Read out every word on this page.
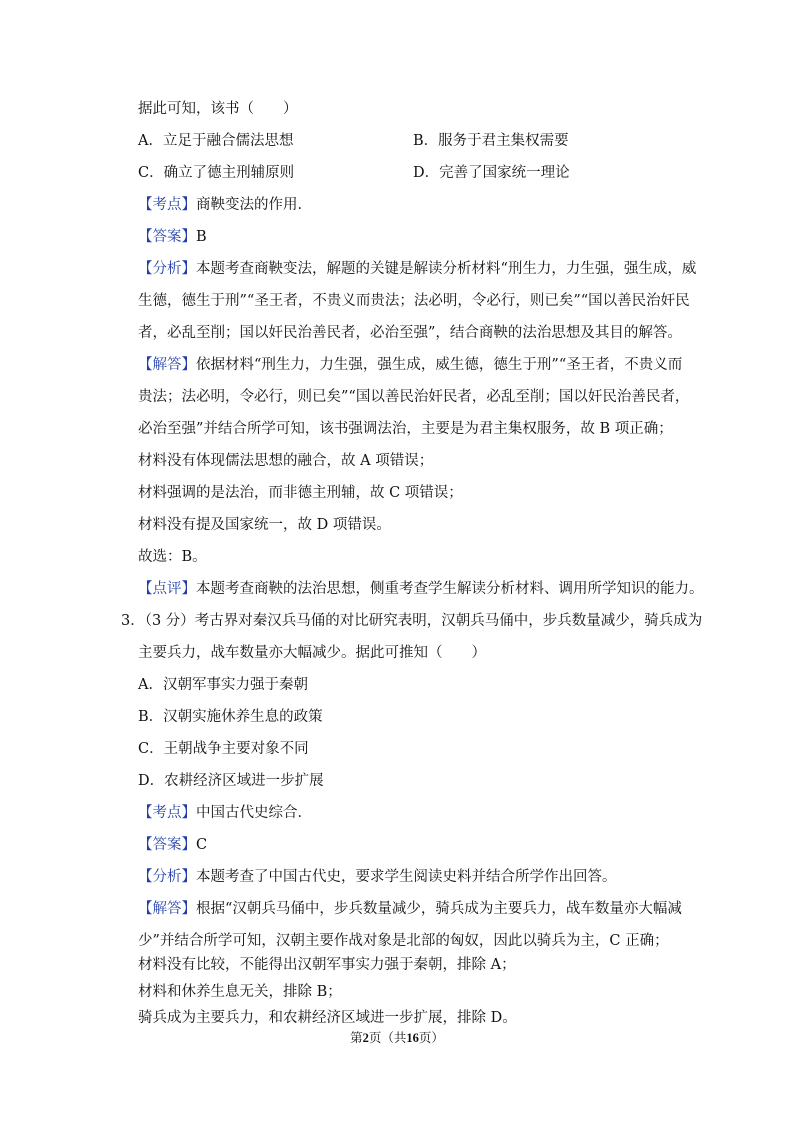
据此可知，该书（　　）
A．立足于融合儒法思想	B．服务于君主集权需要
C．确立了德主刑辅原则	D．完善了国家统一理论
【考点】商鞅变法的作用．
【答案】B
【分析】本题考查商鞅变法，解题的关键是解读分析材料“刑生力，力生强，强生成，威
生德，德生于刑”“圣王者，不贵义而贵法；法必明，令必行，则已矣”“国以善民治奸民
者，必乱至削；国以奸民治善民者，必治至强”，结合商鞅的法治思想及其目的解答。
【解答】依据材料“刑生力，力生强，强生成，威生德，德生于刑”“圣王者，不贵义而
贵法；法必明，令必行，则已矣”“国以善民治奸民者，必乱至削；国以奸民治善民者，
必治至强”并结合所学可知，该书强调法治，主要是为君主集权服务，故 B 项正确；
材料没有体现儒法思想的融合，故 A 项错误；
材料强调的是法治，而非德主刑辅，故 C 项错误；
材料没有提及国家统一，故 D 项错误。
故选：B。
【点评】本题考查商鞅的法治思想，侧重考查学生解读分析材料、调用所学知识的能力。
3．（3 分）考古界对秦汉兵马俑的对比研究表明，汉朝兵马俑中，步兵数量减少，骑兵成为
主要兵力，战车数量亦大幅减少。据此可推知（　　）
A．汉朝军事实力强于秦朝
B．汉朝实施休养生息的政策
C．王朝战争主要对象不同
D．农耕经济区域进一步扩展
【考点】中国古代史综合．
【答案】C
【分析】本题考查了中国古代史，要求学生阅读史料并结合所学作出回答。
【解答】根据“汉朝兵马俑中，步兵数量减少，骑兵成为主要兵力，战车数量亦大幅减
少”并结合所学可知，汉朝主要作战对象是北部的匈奴，因此以骑兵为主，C 正确；
材料没有比较，不能得出汉朝军事实力强于秦朝，排除 A；
第2页（共16页）
材料和休养生息无关，排除 B；
骑兵成为主要兵力，和农耕经济区域进一步扩展，排除 D。
